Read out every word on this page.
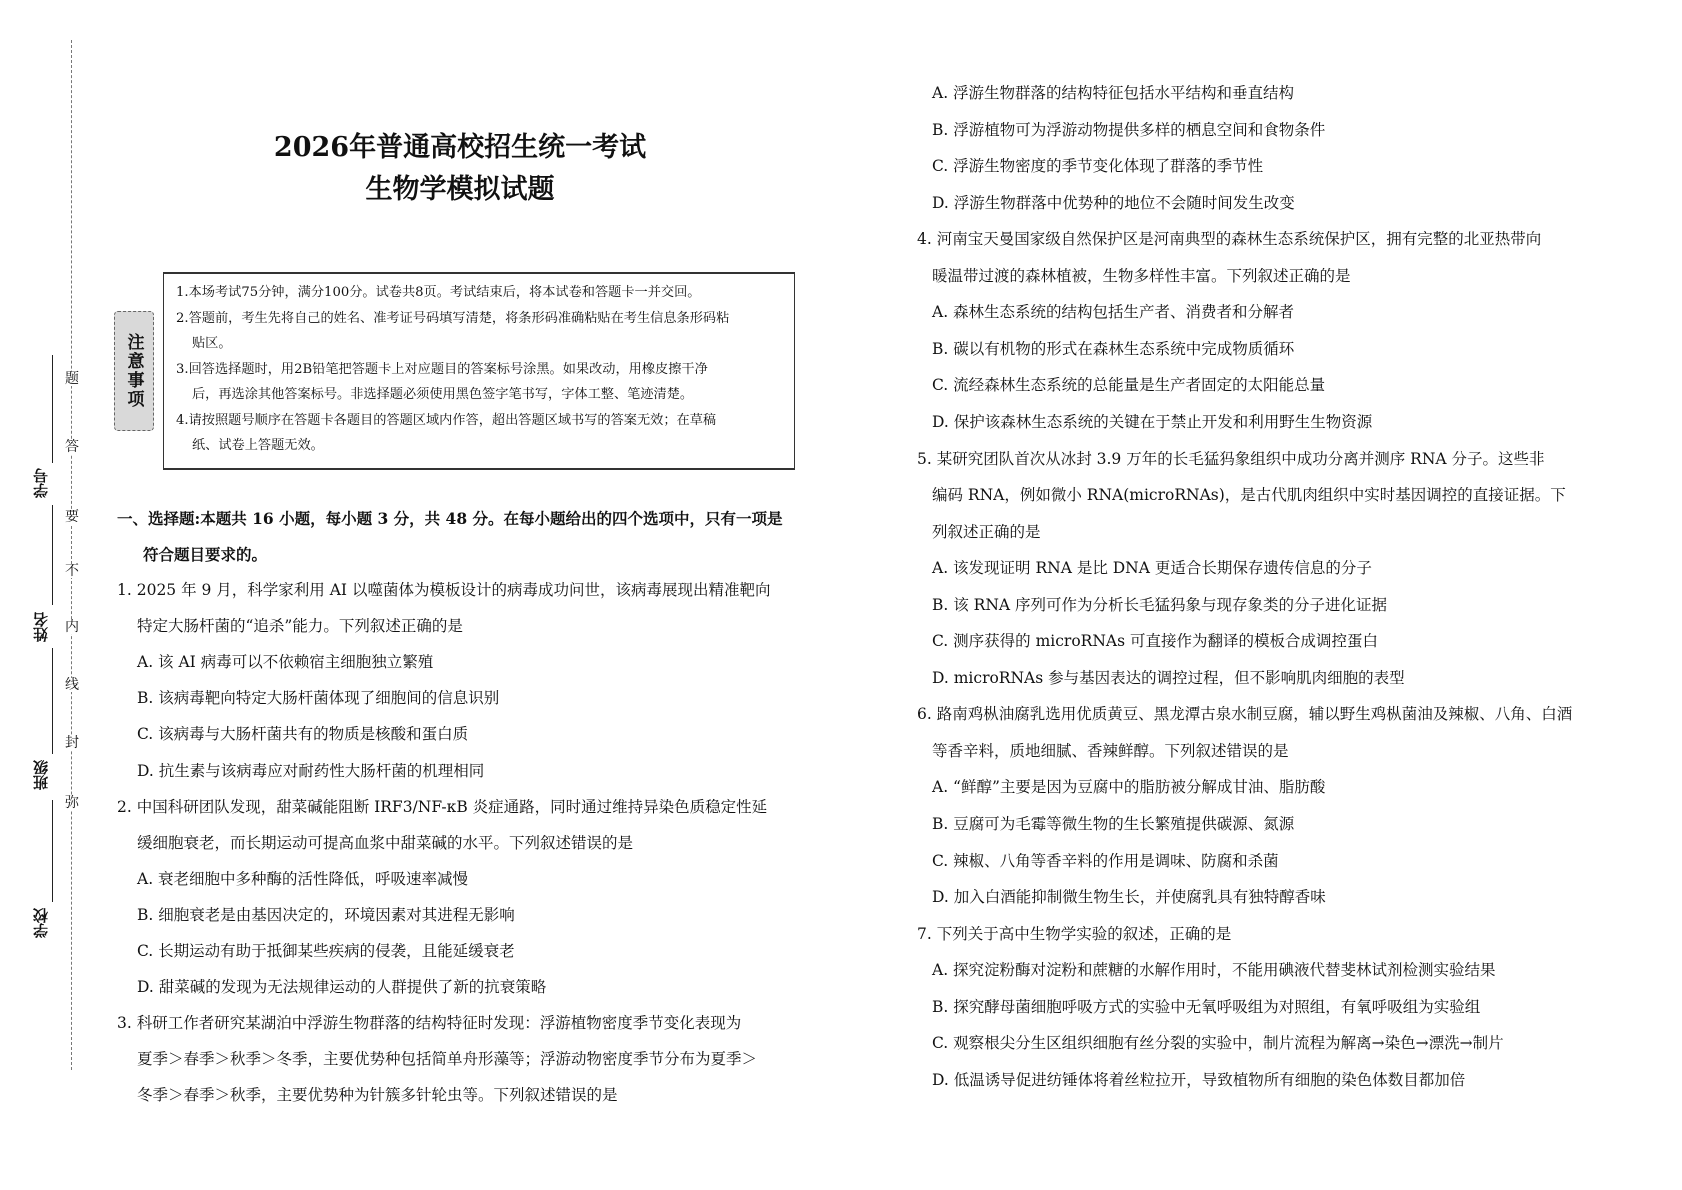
题
答
要
不
内
线
封
弥
学号
姓名
班级
学校
2026年普通高校招生统一考试
生物学模拟试题
注意事项
1.本场考试75分钟，满分100分。试卷共8页。考试结束后，将本试卷和答题卡一并交回。
2.答题前，考生先将自己的姓名、准考证号码填写清楚，将条形码准确粘贴在考生信息条形码粘
贴区。
3.回答选择题时，用2B铅笔把答题卡上对应题目的答案标号涂黑。如果改动，用橡皮擦干净
后，再选涂其他答案标号。非选择题必须使用黑色签字笔书写，字体工整、笔迹清楚。
4.请按照题号顺序在答题卡各题目的答题区域内作答，超出答题区域书写的答案无效；在草稿
纸、试卷上答题无效。
一、选择题:本题共 16 小题，每小题 3 分，共 48 分。在每小题给出的四个选项中，只有一项是
符合题目要求的。
1. 2025 年 9 月，科学家利用 AI 以噬菌体为模板设计的病毒成功问世，该病毒展现出精准靶向
特定大肠杆菌的“追杀”能力。下列叙述正确的是
A. 该 AI 病毒可以不依赖宿主细胞独立繁殖
B. 该病毒靶向特定大肠杆菌体现了细胞间的信息识别
C. 该病毒与大肠杆菌共有的物质是核酸和蛋白质
D. 抗生素与该病毒应对耐药性大肠杆菌的机理相同
2. 中国科研团队发现，甜菜碱能阻断 IRF3/NF-κB 炎症通路，同时通过维持异染色质稳定性延
缓细胞衰老，而长期运动可提高血浆中甜菜碱的水平。下列叙述错误的是
A. 衰老细胞中多种酶的活性降低，呼吸速率减慢
B. 细胞衰老是由基因决定的，环境因素对其进程无影响
C. 长期运动有助于抵御某些疾病的侵袭，且能延缓衰老
D. 甜菜碱的发现为无法规律运动的人群提供了新的抗衰策略
3. 科研工作者研究某湖泊中浮游生物群落的结构特征时发现：浮游植物密度季节变化表现为
夏季＞春季＞秋季＞冬季，主要优势种包括简单舟形藻等；浮游动物密度季节分布为夏季＞
冬季＞春季＞秋季，主要优势种为针簇多针轮虫等。下列叙述错误的是
A. 浮游生物群落的结构特征包括水平结构和垂直结构
B. 浮游植物可为浮游动物提供多样的栖息空间和食物条件
C. 浮游生物密度的季节变化体现了群落的季节性
D. 浮游生物群落中优势种的地位不会随时间发生改变
4. 河南宝天曼国家级自然保护区是河南典型的森林生态系统保护区，拥有完整的北亚热带向
暖温带过渡的森林植被，生物多样性丰富。下列叙述正确的是
A. 森林生态系统的结构包括生产者、消费者和分解者
B. 碳以有机物的形式在森林生态系统中完成物质循环
C. 流经森林生态系统的总能量是生产者固定的太阳能总量
D. 保护该森林生态系统的关键在于禁止开发和利用野生生物资源
5. 某研究团队首次从冰封 3.9 万年的长毛猛犸象组织中成功分离并测序 RNA 分子。这些非
编码 RNA，例如微小 RNA(microRNAs)，是古代肌肉组织中实时基因调控的直接证据。下
列叙述正确的是
A. 该发现证明 RNA 是比 DNA 更适合长期保存遗传信息的分子
B. 该 RNA 序列可作为分析长毛猛犸象与现存象类的分子进化证据
C. 测序获得的 microRNAs 可直接作为翻译的模板合成调控蛋白
D. microRNAs 参与基因表达的调控过程，但不影响肌肉细胞的表型
6. 路南鸡枞油腐乳选用优质黄豆、黑龙潭古泉水制豆腐，辅以野生鸡枞菌油及辣椒、八角、白酒
等香辛料，质地细腻、香辣鲜醇。下列叙述错误的是
A. “鲜醇”主要是因为豆腐中的脂肪被分解成甘油、脂肪酸
B. 豆腐可为毛霉等微生物的生长繁殖提供碳源、氮源
C. 辣椒、八角等香辛料的作用是调味、防腐和杀菌
D. 加入白酒能抑制微生物生长，并使腐乳具有独特醇香味
7. 下列关于高中生物学实验的叙述，正确的是
A. 探究淀粉酶对淀粉和蔗糖的水解作用时，不能用碘液代替斐林试剂检测实验结果
B. 探究酵母菌细胞呼吸方式的实验中无氧呼吸组为对照组，有氧呼吸组为实验组
C. 观察根尖分生区组织细胞有丝分裂的实验中，制片流程为解离→染色→漂洗→制片
D. 低温诱导促进纺锤体将着丝粒拉开，导致植物所有细胞的染色体数目都加倍
